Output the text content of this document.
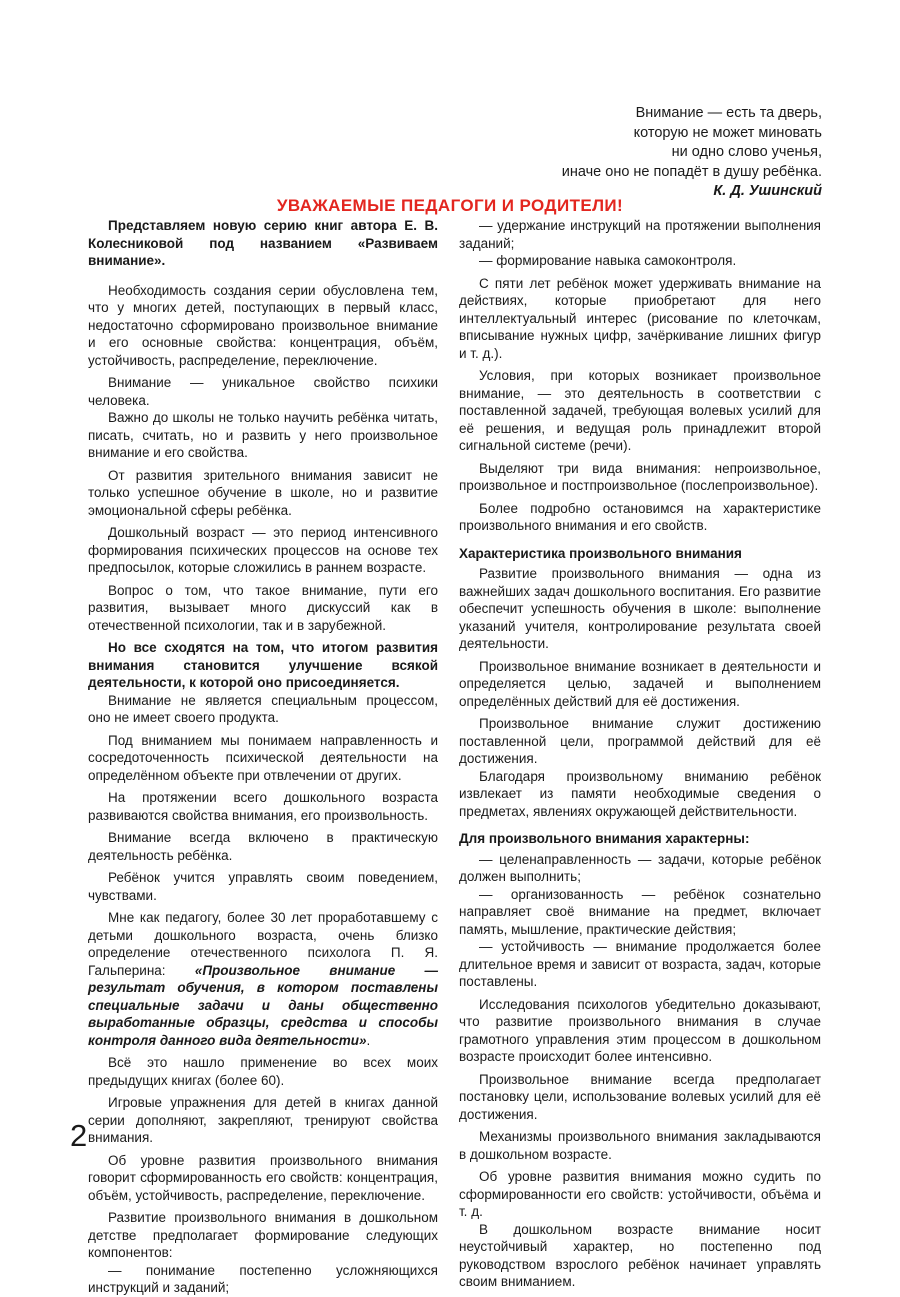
Внимание — есть та дверь,
которую не может миновать
ни одно слово ученья,
иначе оно не попадёт в душу ребёнка.
К. Д. Ушинский
УВАЖАЕМЫЕ ПЕДАГОГИ И РОДИТЕЛИ!

Представляем новую серию книг автора Е. В. Колесниковой под названием «Развиваем внимание».

Необходимость создания серии обусловлена тем, что у многих детей, поступающих в первый класс, недостаточно сформировано произвольное внимание и его основные свойства: концентрация, объём, устойчивость, распределение, переключение.

Внимание — уникальное свойство психики человека.

Важно до школы не только научить ребёнка читать, писать, считать, но и развить у него произвольное внимание и его свойства.

От развития зрительного внимания зависит не только успешное обучение в школе, но и развитие эмоциональной сферы ребёнка.

Дошкольный возраст — это период интенсивного формирования психических процессов на основе тех предпосылок, которые сложились в раннем возрасте.

Вопрос о том, что такое внимание, пути его развития, вызывает много дискуссий как в отечественной психологии, так и в зарубежной.

Но все сходятся на том, что итогом развития внимания становится улучшение всякой деятельности, к которой оно присоединяется.

Внимание не является специальным процессом, оно не имеет своего продукта.

Под вниманием мы понимаем направленность и сосредоточенность психической деятельности на определённом объекте при отвлечении от других.

На протяжении всего дошкольного возраста развиваются свойства внимания, его произвольность.

Внимание всегда включено в практическую деятельность ребёнка.

Ребёнок учится управлять своим поведением, чувствами.

Мне как педагогу, более 30 лет проработавшему с детьми дошкольного возраста, очень близко определение отечественного психолога П. Я. Гальперина: «Произвольное внимание — результат обучения, в котором поставлены специальные задачи и даны общественно выработанные образцы, средства и способы контроля данного вида деятельности».

Всё это нашло применение во всех моих предыдущих книгах (более 60).

Игровые упражнения для детей в книгах данной серии дополняют, закрепляют, тренируют свойства внимания.

Об уровне развития произвольного внимания говорит сформированность его свойств: концентрация, объём, устойчивость, распределение, переключение.

Развитие произвольного внимания в дошкольном детстве предполагает формирование следующих компонентов:

— понимание постепенно усложняющихся инструкций и заданий;

— удержание инструкций на протяжении выполнения заданий;

— формирование навыка самоконтроля.

С пяти лет ребёнок может удерживать внимание на действиях, которые приобретают для него интеллектуальный интерес (рисование по клеточкам, вписывание нужных цифр, зачёркивание лишних фигур и т. д.).

Условия, при которых возникает произвольное внимание, — это деятельность в соответствии с поставленной задачей, требующая волевых усилий для её решения, и ведущая роль принадлежит второй сигнальной системе (речи).

Выделяют три вида внимания: непроизвольное, произвольное и постпроизвольное (послепроизвольное).

Более подробно остановимся на характеристике произвольного внимания и его свойств.

Характеристика произвольного внимания

Развитие произвольного внимания — одна из важнейших задач дошкольного воспитания. Его развитие обеспечит успешность обучения в школе: выполнение указаний учителя, контролирование результата своей деятельности.

Произвольное внимание возникает в деятельности и определяется целью, задачей и выполнением определённых действий для её достижения.

Произвольное внимание служит достижению поставленной цели, программой действий для её достижения.

Благодаря произвольному вниманию ребёнок извлекает из памяти необходимые сведения о предметах, явлениях окружающей действительности.

Для произвольного внимания характерны:

— целенаправленность — задачи, которые ребёнок должен выполнить;

— организованность — ребёнок сознательно направляет своё внимание на предмет, включает память, мышление, практические действия;

— устойчивость — внимание продолжается более длительное время и зависит от возраста, задач, которые поставлены.

Исследования психологов убедительно доказывают, что развитие произвольного внимания в случае грамотного управления этим процессом в дошкольном возрасте происходит более интенсивно.

Произвольное внимание всегда предполагает постановку цели, использование волевых усилий для её достижения.

Механизмы произвольного внимания закладываются в дошкольном возрасте.

Об уровне развития внимания можно судить по сформированности его свойств: устойчивости, объёма и т. д.

В дошкольном возрасте внимание носит неустойчивый характер, но постепенно под руководством взрослого ребёнок начинает управлять своим вниманием.

2
